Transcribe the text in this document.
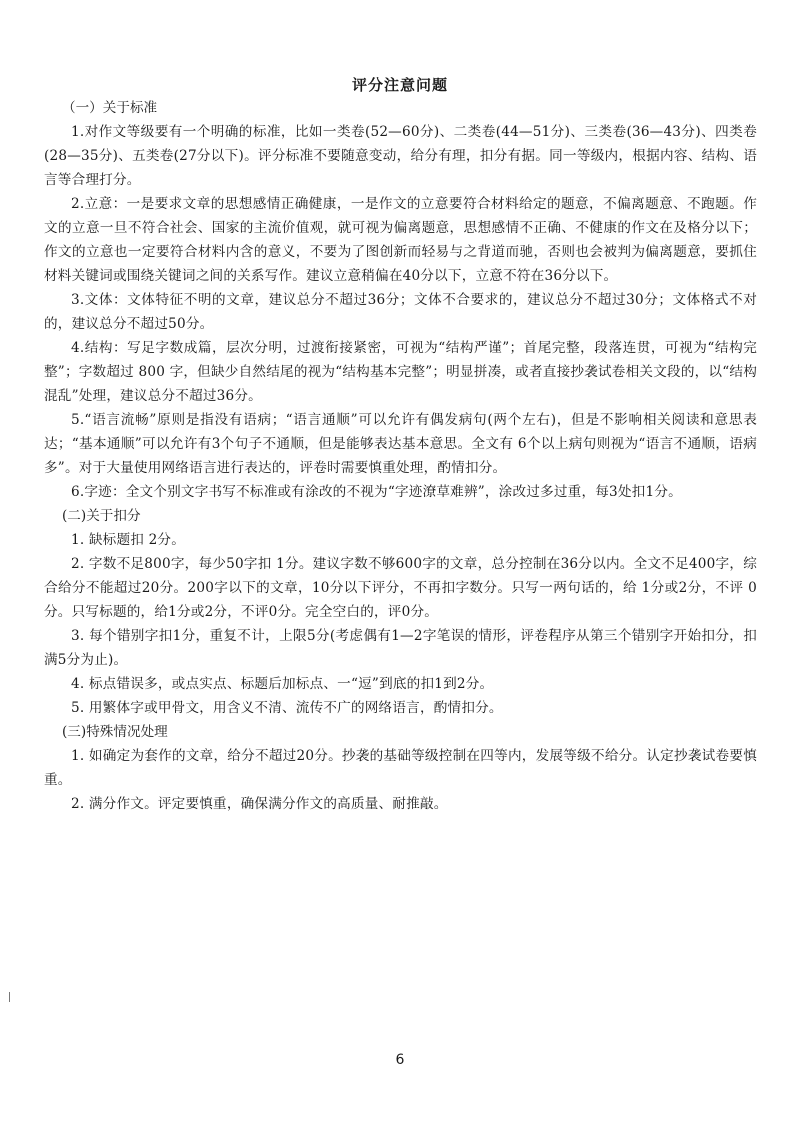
评分注意问题
（一）关于标准

1.对作文等级要有一个明确的标准，比如一类卷(52—60分)、二类卷(44—51分)、三类卷(36—43分)、四类卷(28—35分)、五类卷(27分以下)。评分标准不要随意变动，给分有理，扣分有据。同一等级内，根据内容、结构、语言等合理打分。

2.立意：一是要求文章的思想感情正确健康，一是作文的立意要符合材料给定的题意，不偏离题意、不跑题。作文的立意一旦不符合社会、国家的主流价值观，就可视为偏离题意，思想感情不正确、不健康的作文在及格分以下；作文的立意也一定要符合材料内含的意义，不要为了图创新而轻易与之背道而驰，否则也会被判为偏离题意，要抓住材料关键词或围绕关键词之间的关系写作。建议立意稍偏在40分以下，立意不符在36分以下。

3.文体：文体特征不明的文章，建议总分不超过36分；文体不合要求的，建议总分不超过30分；文体格式不对的，建议总分不超过50分。

4.结构：写足字数成篇，层次分明，过渡衔接紧密，可视为“结构严谨”；首尾完整，段落连贯，可视为“结构完整”；字数超过 800 字，但缺少自然结尾的视为“结构基本完整”；明显拼凑，或者直接抄袭试卷相关文段的，以“结构混乱”处理，建议总分不超过36分。

5.“语言流畅”原则是指没有语病；“语言通顺”可以允许有偶发病句(两个左右)，但是不影响相关阅读和意思表达；“基本通顺”可以允许有3个句子不通顺，但是能够表达基本意思。全文有 6个以上病句则视为“语言不通顺，语病多”。对于大量使用网络语言进行表达的，评卷时需要慎重处理，酌情扣分。

6.字迹：全文个别文字书写不标准或有涂改的不视为“字迹潦草难辨”，涂改过多过重，每3处扣1分。

(二)关于扣分

1. 缺标题扣 2分。

2. 字数不足800字，每少50字扣 1分。建议字数不够600字的文章，总分控制在36分以内。全文不足400字，综合给分不能超过20分。200字以下的文章，10分以下评分，不再扣字数分。只写一两句话的，给 1分或2分，不评 0分。只写标题的，给1分或2分，不评0分。完全空白的，评0分。

3. 每个错别字扣1分，重复不计，上限5分(考虑偶有1—2字笔误的情形，评卷程序从第三个错别字开始扣分，扣满5分为止)。

4. 标点错误多，或点实点、标题后加标点、一“逗”到底的扣1到2分。

5. 用繁体字或甲骨文，用含义不清、流传不广的网络语言，酌情扣分。

(三)特殊情况处理

1. 如确定为套作的文章，给分不超过20分。抄袭的基础等级控制在四等内，发展等级不给分。认定抄袭试卷要慎重。

2. 满分作文。评定要慎重，确保满分作文的高质量、耐推敲。

6
